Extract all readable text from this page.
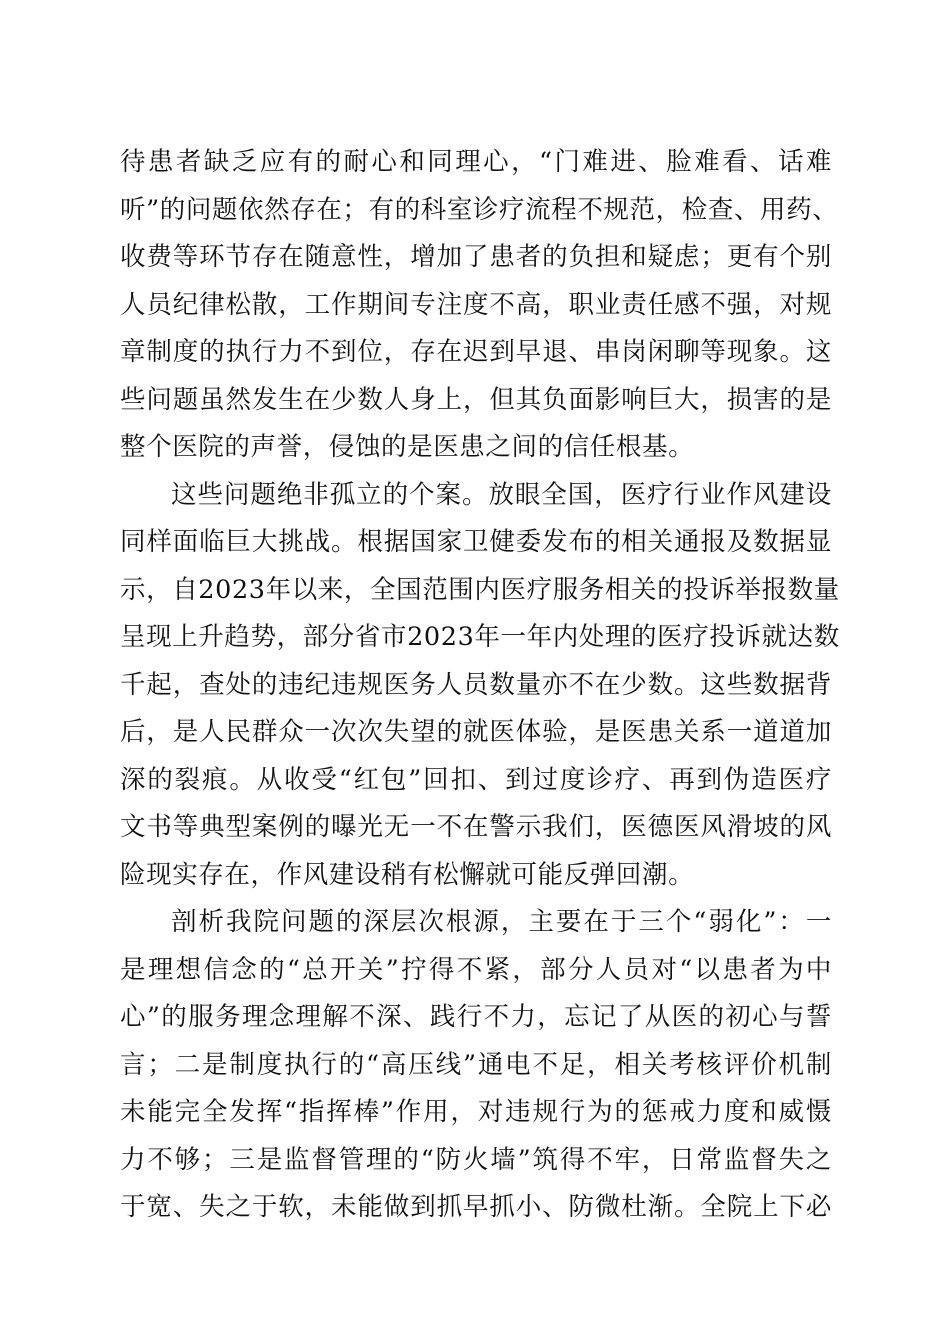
待患者缺乏应有的耐心和同理心，“门难进、脸难看、话难
听”的问题依然存在；有的科室诊疗流程不规范，检查、用药、
收费等环节存在随意性，增加了患者的负担和疑虑；更有个别
人员纪律松散，工作期间专注度不高，职业责任感不强，对规
章制度的执行力不到位，存在迟到早退、串岗闲聊等现象。这
些问题虽然发生在少数人身上，但其负面影响巨大，损害的是
整个医院的声誉，侵蚀的是医患之间的信任根基。
这些问题绝非孤立的个案。放眼全国，医疗行业作风建设
同样面临巨大挑战。根据国家卫健委发布的相关通报及数据显
示，自2023年以来，全国范围内医疗服务相关的投诉举报数量
呈现上升趋势，部分省市2023年一年内处理的医疗投诉就达数
千起，查处的违纪违规医务人员数量亦不在少数。这些数据背
后，是人民群众一次次失望的就医体验，是医患关系一道道加
深的裂痕。从收受“红包”回扣、到过度诊疗、再到伪造医疗
文书等典型案例的曝光无一不在警示我们，医德医风滑坡的风
险现实存在，作风建设稍有松懈就可能反弹回潮。
剖析我院问题的深层次根源，主要在于三个“弱化”：一
是理想信念的“总开关”拧得不紧，部分人员对“以患者为中
心”的服务理念理解不深、践行不力，忘记了从医的初心与誓
言；二是制度执行的“高压线”通电不足，相关考核评价机制
未能完全发挥“指挥棒”作用，对违规行为的惩戒力度和威慑
力不够；三是监督管理的“防火墙”筑得不牢，日常监督失之
于宽、失之于软，未能做到抓早抓小、防微杜渐。全院上下必
